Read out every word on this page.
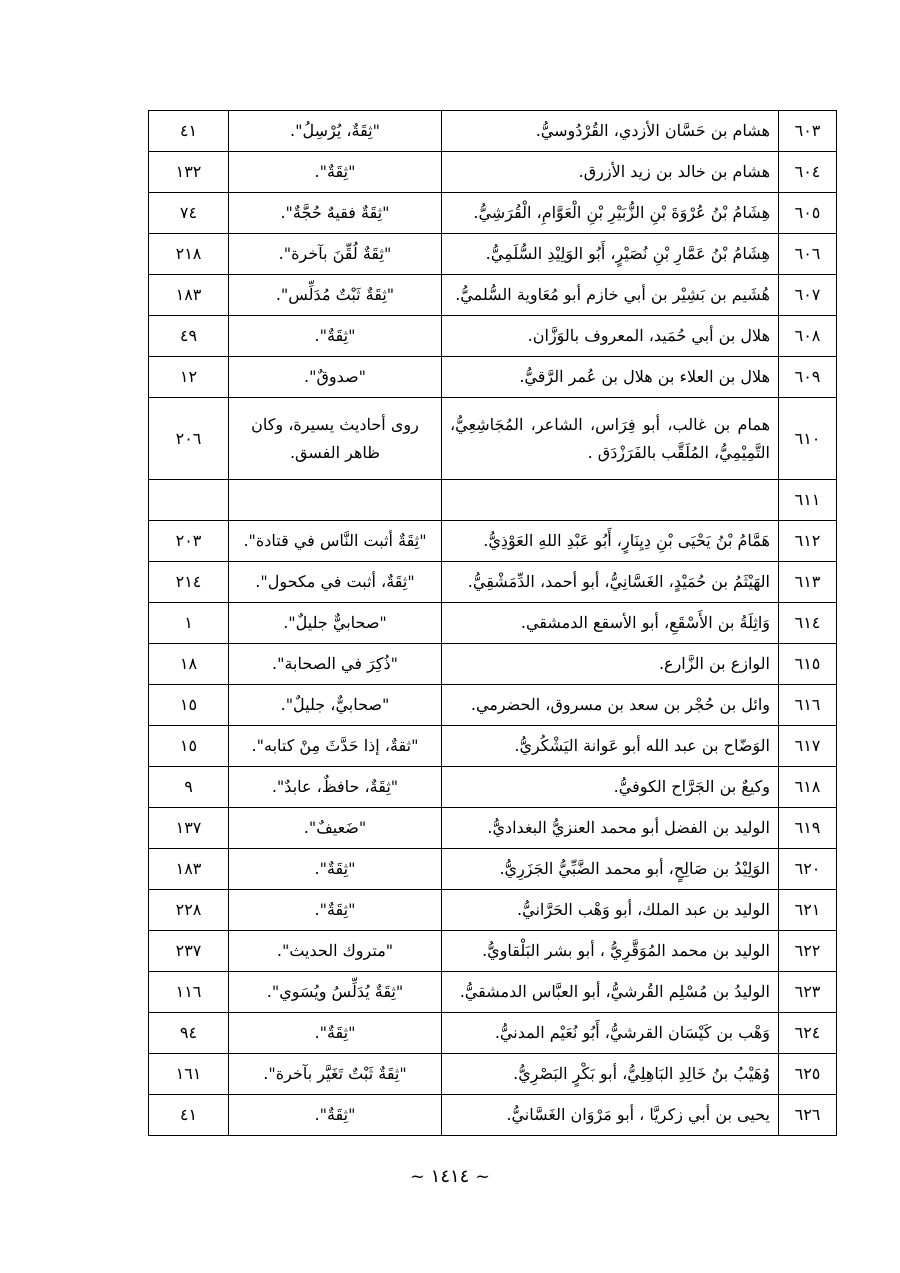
٦٠٣	هشام بن حَسَّان الأزدي، القُرْدُوسيُّ.	"ثِقَةٌ، يُرْسِلُ".	٤١
٦٠٤	هشام بن خالد بن زيد الأزرق.	"ثِقَةٌ".	١٣٢
٦٠٥	هِشَامُ بْنُ عُرْوَةَ بْنِ الزُّبَيْرِ بْنِ الْعَوَّامِ، الْقُرَشِيُّ.	"ثِقَةٌ فقيهٌ حُجَّةٌ".	٧٤
٦٠٦	هِشَامُ بْنُ عَمَّارِ بْنِ نُصَيْرٍ، أَبُو الوَلِيْدِ السُّلَمِيُّ.	"ثِقَةٌ لُقِّنَ بآخرة".	٢١٨
٦٠٧	هُشَيم بن بَشِيْر بن أبي خازم أبو مُعَاوية السُّلميُّ.	"ثِقَةٌ ثَبْتٌ مُدَلِّس".	١٨٣
٦٠٨	هلال بن أبي حُمَيد، المعروف بالوَزَّان.	"ثِقَةٌ".	٤٩
٦٠٩	هلال بن العلاء بن هلال بن عُمر الرَّقيُّ.	"صدوقٌ".	١٢
٦١٠	همام بن غالب، أبو فِرَاس، الشاعر، المُجَاشِعِيُّ، التَّمِيْمِيُّ، المُلَقَّب بالفَرَزْدَق .	روى أحاديث يسيرة، وكان ظاهر الفسق.	٢٠٦
٦١١			
٦١٢	هَمَّامُ بْنُ يَحْيَى بْنِ دِيِنَارٍ، أَبُو عَبْدِ اللهِ العَوْذِيُّ.	"ثِقَةٌ أثبت النَّاس في قتادة".	٢٠٣
٦١٣	الهَيْثَمُ بن حُمَيْدٍ، الغَسَّانِيُّ، أبو أحمد، الدِّمَشْقِيُّ.	"ثِقَةٌ، أثبت في مكحول".	٢١٤
٦١٤	وَاثِلَةُ بن الأَسْقَعِ، أبو الأسقع الدمشقي.	"صحابيٌّ جليلٌ".	١
٦١٥	الوازع بن الزَّارع.	"ذُكِرَ في الصحابة".	١٨
٦١٦	وائل بن حُجْر بن سعد بن مسروق، الحضرمي.	"صحابيٌّ، جليلٌ".	١٥
٦١٧	الوَضّاح بن عبد الله أبو عَوانة اليَشْكُريُّ.	"ثقةٌ، إذا حَدَّثَ مِنْ كتابه".	١٥
٦١٨	وكيعٌ بن الجَرَّاح الكوفيُّ.	"ثِقَةٌ، حافظٌ، عابدٌ".	٩
٦١٩	الوليد بن الفضل أبو محمد العنزيُّ البغداديُّ.	"ضَعيفٌ".	١٣٧
٦٢٠	الوَلِيْدُ بن صَالِحٍ، أبو محمد الضَّبِّيُّ الجَزَرِيُّ.	"ثِقَةٌ".	١٨٣
٦٢١	الوليد بن عبد الملك، أبو وَهْب الحَرَّانيُّ.	"ثِقَةٌ".	٢٢٨
٦٢٢	الوليد بن محمد المُوَقَّرِيُّ ، أبو بشر البَلْقاويُّ.	"متروك الحديث".	٢٣٧
٦٢٣	الوليدُ بن مُسْلِم القُرشيُّ، أبو العبَّاس الدمشقيُّ.	"ثِقَةٌ يُدَلِّسُ ويُسَوي".	١١٦
٦٢٤	وَهْب بن كَيْسَان القرشيُّ، أَبُو نُعَيْم المدنيُّ.	"ثِقَةٌ".	٩٤
٦٢٥	وُهَيْبُ بنُ خَالِدِ البَاهِلِيُّ، أبو بَكْرٍ البَصْرِيُّ.	"ثِقَةٌ ثَبْتٌ تَغَيَّر بآخرة".	١٦١
٦٢٦	يحيى بن أبي زكريَّا ، أبو مَرْوَان الغَسَّانيُّ.	"ثِقَةٌ".	٤١
~ ١٤١٤ ~
